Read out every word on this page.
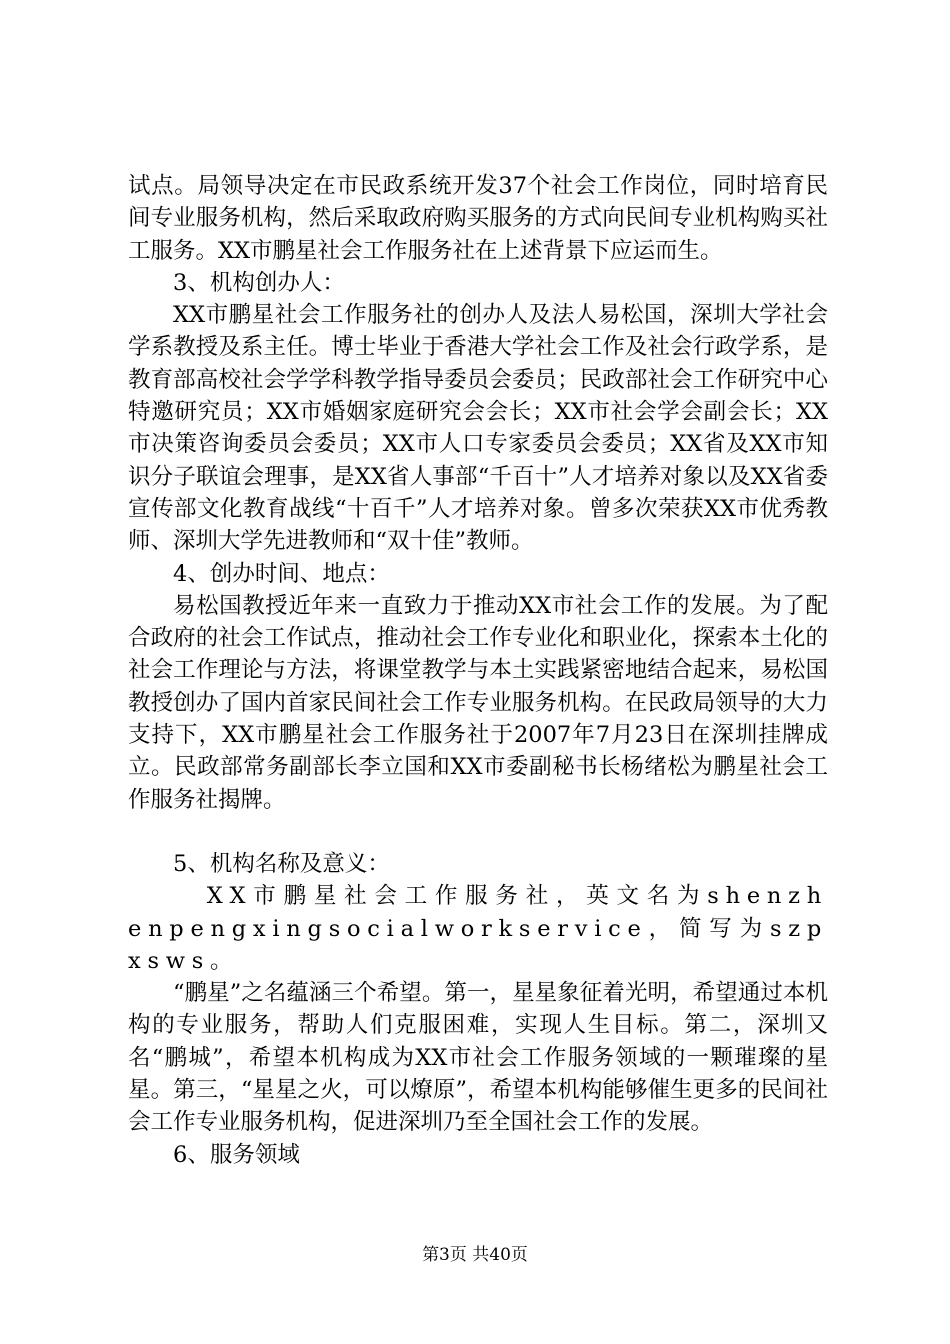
试点。局领导决定在市民政系统开发37个社会工作岗位，同时培育民间专业服务机构，然后采取政府购买服务的方式向民间专业机构购买社工服务。XX市鹏星社会工作服务社在上述背景下应运而生。

3、机构创办人：

XX市鹏星社会工作服务社的创办人及法人易松国，深圳大学社会学系教授及系主任。博士毕业于香港大学社会工作及社会行政学系，是教育部高校社会学学科教学指导委员会委员；民政部社会工作研究中心特邀研究员；XX市婚姻家庭研究会会长；XX市社会学会副会长；XX市决策咨询委员会委员；XX市人口专家委员会委员；XX省及XX市知识分子联谊会理事，是XX省人事部“千百十”人才培养对象以及XX省委宣传部文化教育战线“十百千”人才培养对象。曾多次荣获XX市优秀教师、深圳大学先进教师和“双十佳”教师。

4、创办时间、地点：

易松国教授近年来一直致力于推动XX市社会工作的发展。为了配合政府的社会工作试点，推动社会工作专业化和职业化，探索本土化的社会工作理论与方法，将课堂教学与本土实践紧密地结合起来，易松国教授创办了国内首家民间社会工作专业服务机构。在民政局领导的大力支持下，XX市鹏星社会工作服务社于2007年7月23日在深圳挂牌成立。民政部常务副部长李立国和XX市委副秘书长杨绪松为鹏星社会工作服务社揭牌。

5、机构名称及意义：

XX市鹏星社会工作服务社，英文名为shenzhenpengxingsocialworkservice，简写为szpxsws。

“鹏星”之名蕴涵三个希望。第一，星星象征着光明，希望通过本机构的专业服务，帮助人们克服困难，实现人生目标。第二，深圳又名“鹏城”，希望本机构成为XX市社会工作服务领域的一颗璀璨的星星。第三，“星星之火，可以燎原”，希望本机构能够催生更多的民间社会工作专业服务机构，促进深圳乃至全国社会工作的发展。

6、服务领域

第3页 共40页
